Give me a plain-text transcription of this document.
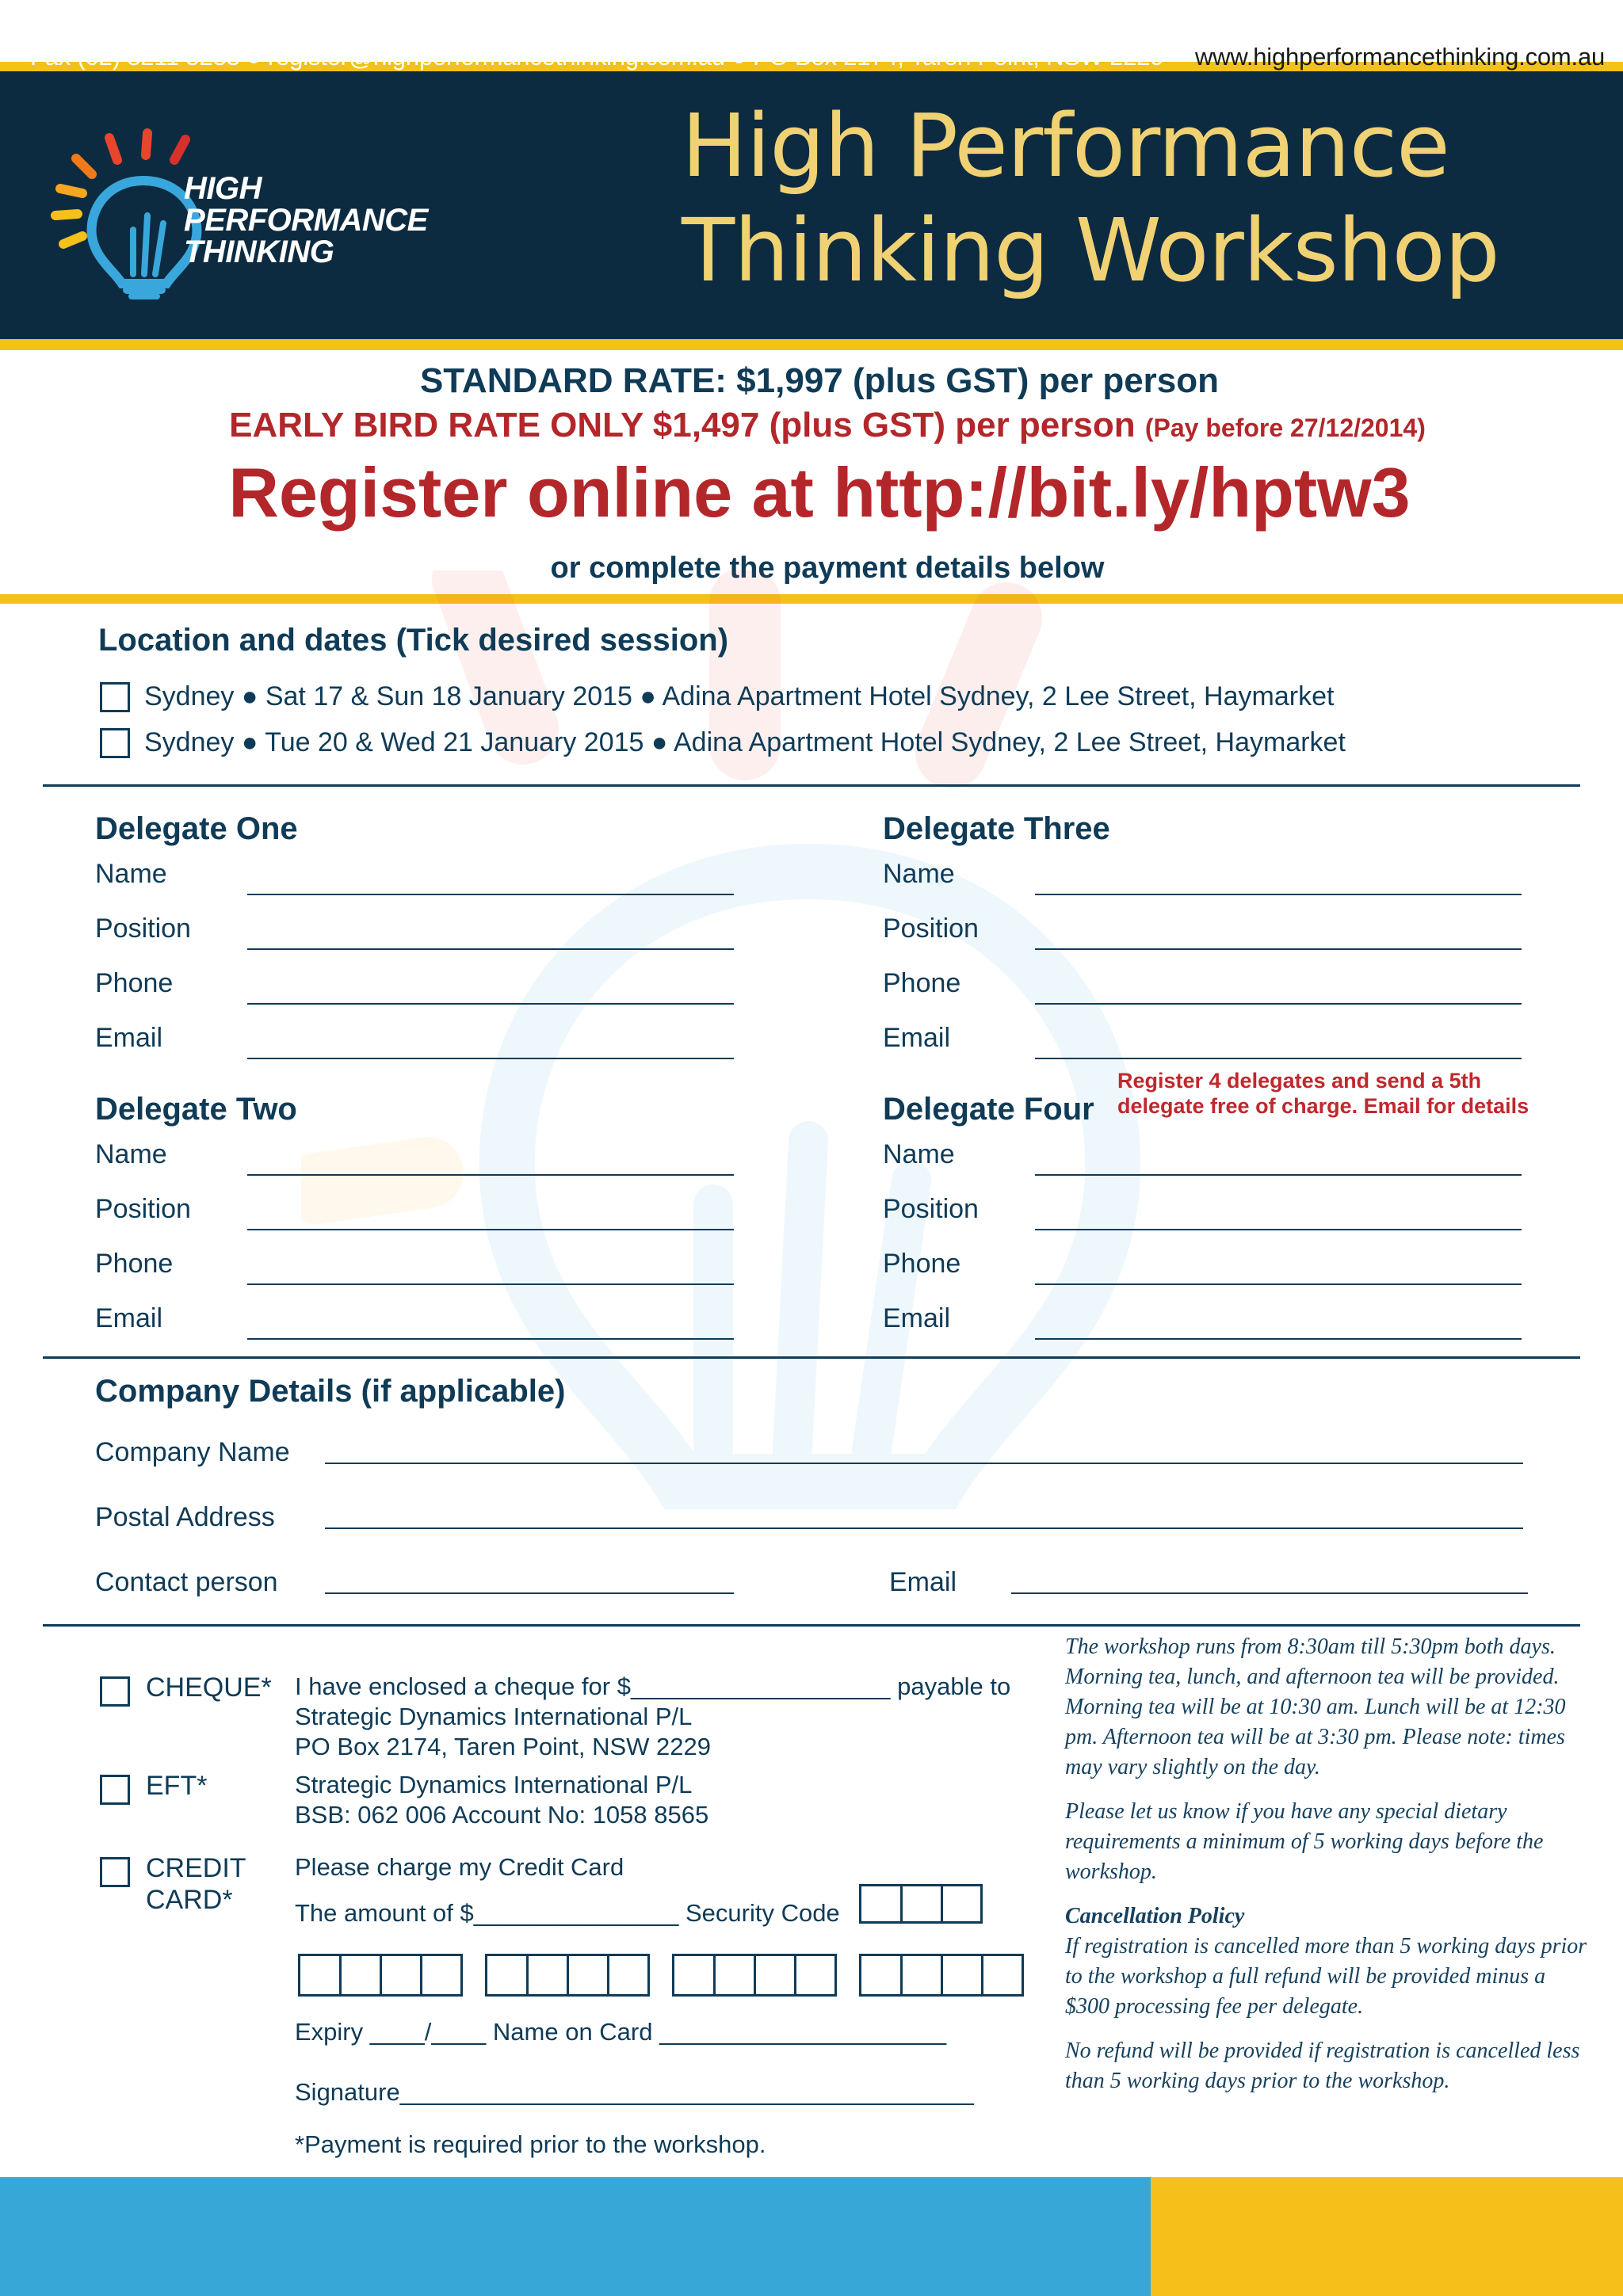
HIGH
PERFORMANCE
THINKING
High Performance
Thinking Workshop
STANDARD RATE: $1,997 (plus GST) per person
EARLY BIRD RATE ONLY $1,497 (plus GST) per person (Pay before 27/12/2014)
Register online at http://bit.ly/hptw3
or complete the payment details below
Location and dates (Tick desired session)
Sydney ● Sat 17 & Sun 18 January 2015 ● Adina Apartment Hotel Sydney, 2 Lee Street, Haymarket
Sydney ● Tue 20 & Wed 21 January 2015 ● Adina Apartment Hotel Sydney, 2 Lee Street, Haymarket
Delegate One
Name
Position
Phone
Email
Delegate Three
Name
Position
Phone
Email
Delegate Two
Name
Position
Phone
Email
Delegate Four
Name
Position
Phone
Email
Register 4 delegates and send a 5th
delegate free of charge. Email for details
Company Details (if applicable)
Company Name
Postal Address
Contact person	Email
CHEQUE* I have enclosed a cheque for $___________________ payable to
Strategic Dynamics International P/L
PO Box 2174, Taren Point, NSW 2229
EFT*	Strategic Dynamics International P/L
BSB: 062 006 Account No: 1058 8565
CREDIT
CARD*
Please charge my Credit Card
The amount of $_______________ Security Code
Expiry ____/____ Name on Card _____________________
Signature__________________________________________
*Payment is required prior to the workshop.

The workshop runs from 8:30am till 5:30pm both days. Morning tea, lunch, and afternoon tea will be provided. Morning tea will be at 10:30 am. Lunch will be at 12:30 pm. Afternoon tea will be at 3:30 pm. Please note: times may vary slightly on the day.

Please let us know if you have any special dietary requirements a minimum of 5 working days before the workshop.

Cancellation Policy

If registration is cancelled more than 5 working days prior to the workshop a full refund will be provided minus a $300 processing fee per delegate.

No refund will be provided if registration is cancelled less than 5 working days prior to the workshop.

Fax (02) 8211 5233 ● register@highperformancethinking.com.au ● PO Box 2174, Taren Point, NSW 2229 www.highperformancethinking.com.au
